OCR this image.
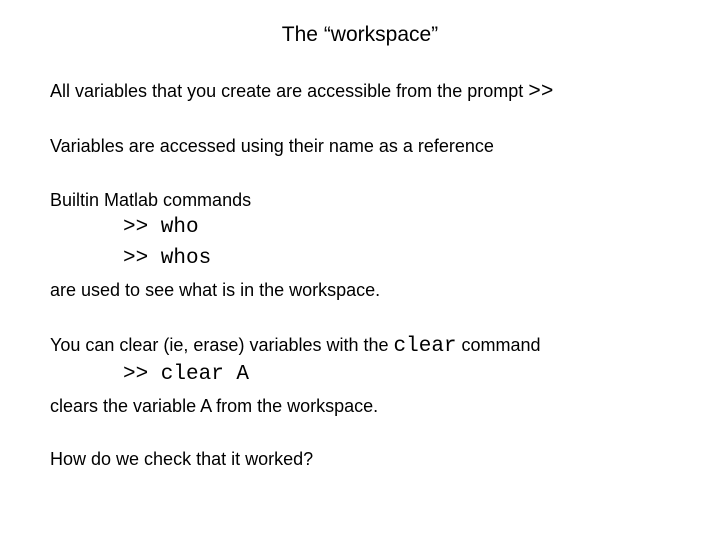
The “workspace”
All variables that you create are accessible from the prompt >>
Variables are accessed using their name as a reference
Builtin Matlab commands
>> who
>> whos
are used to see what is in the workspace.
You can clear (ie, erase) variables with the clear command
>> clear A
clears the variable A from the workspace.
How do we check that it worked?
